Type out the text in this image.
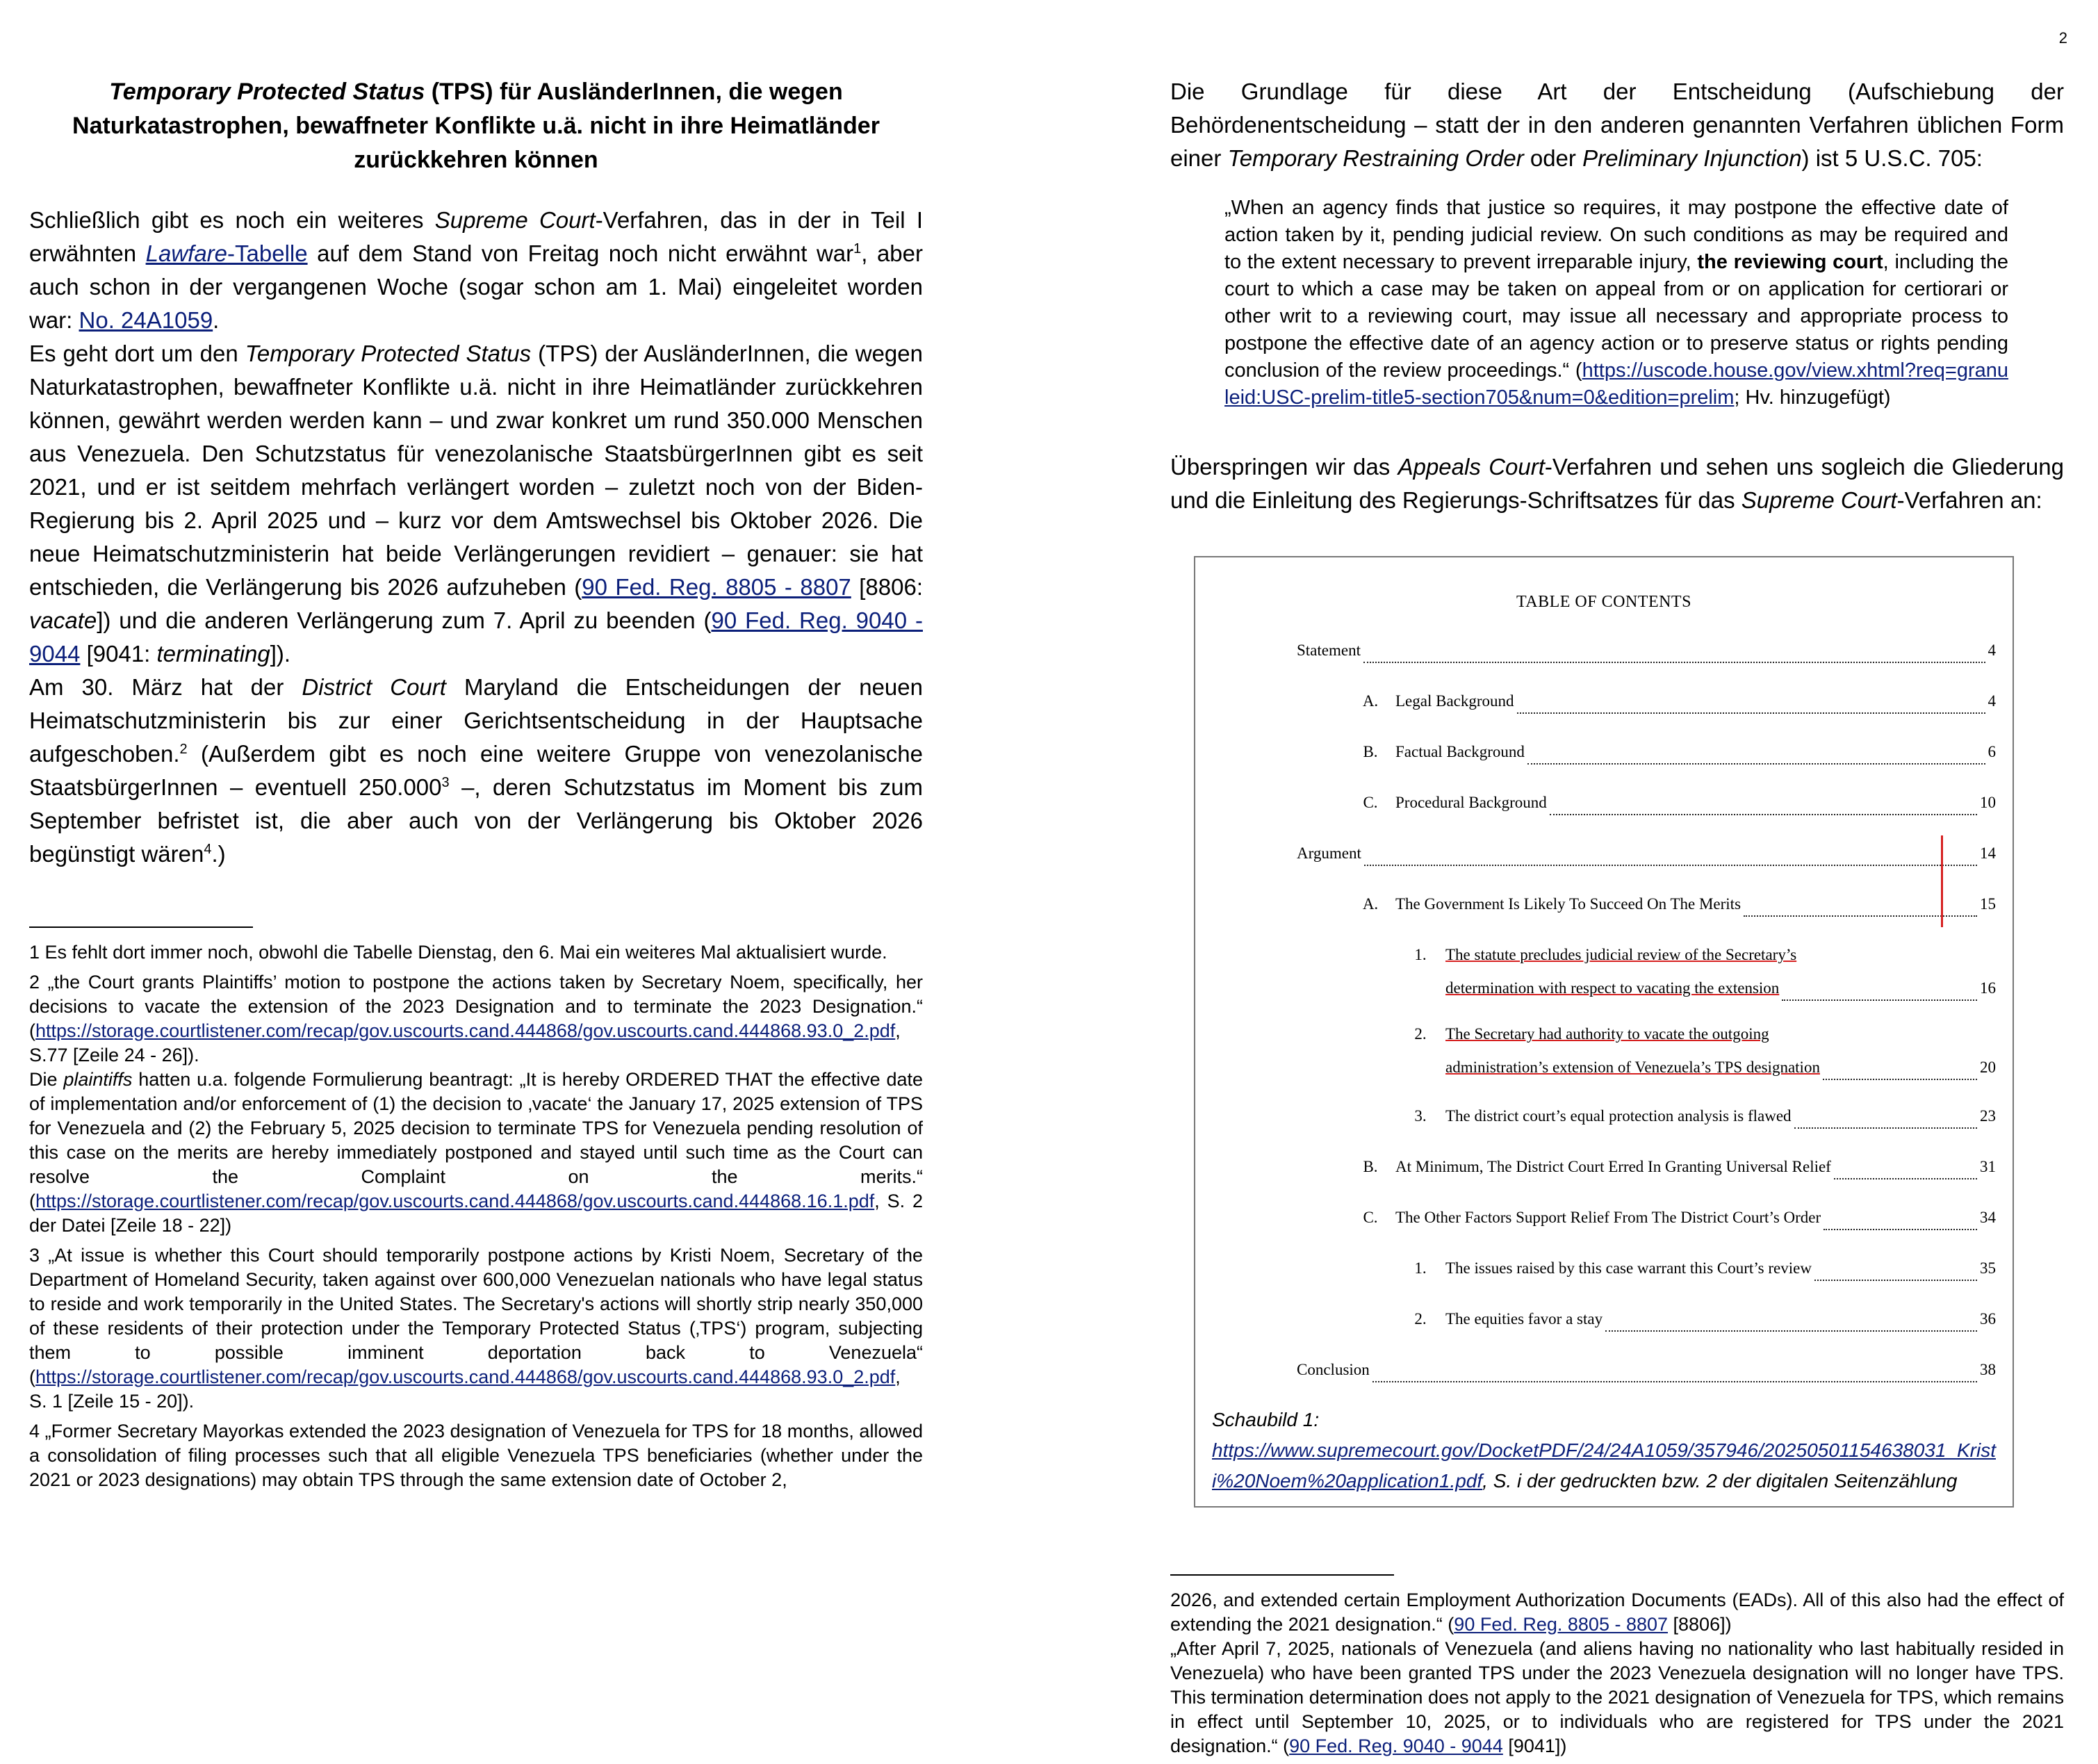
2
Temporary Protected Status (TPS) für AusländerInnen, die wegen Naturkatastrophen, bewaffneter Konflikte u.ä. nicht in ihre Heimatländer zurückkehren können

Schließlich gibt es noch ein weiteres Supreme Court-Verfahren, das in der in Teil I erwähnten Lawfare-Tabelle auf dem Stand von Freitag noch nicht erwähnt war$^1$, aber auch schon in der vergangenen Woche (sogar schon am 1. Mai) eingeleitet worden war: No. 24A1059.

Es geht dort um den Temporary Protected Status (TPS) der AusländerInnen, die wegen Naturkatastrophen, bewaffneter Konflikte u.ä. nicht in ihre Heimatländer zurückkehren können, gewährt werden werden kann – und zwar konkret um rund 350.000 Menschen aus Venezuela. Den Schutzstatus für venezolanische StaatsbürgerInnen gibt es seit 2021, und er ist seitdem mehrfach verlängert worden – zuletzt noch von der Biden-Regierung bis 2. April 2025 und – kurz vor dem Amtswechsel bis Oktober 2026. Die neue Heimatschutzministerin hat beide Verlängerungen revidiert – genauer: sie hat entschieden, die Verlängerung bis 2026 aufzuheben (90 Fed. Reg. 8805 - 8807 [8806: vacate]) und die anderen Verlängerung zum 7. April zu beenden (90 Fed. Reg. 9040 - 9044 [9041: terminating]).

Am 30. März hat der District Court Maryland die Entscheidungen der neuen Heimatschutzministerin bis zur einer Gerichtsentscheidung in der Hauptsache aufgeschoben.$^2$ (Außerdem gibt es noch eine weitere Gruppe von venezolanische StaatsbürgerInnen – eventuell 250.000$^3$ –, deren Schutzstatus im Moment bis zum September befristet ist, die aber auch von der Verlängerung bis Oktober 2026 begünstigt wären$^4$.)

1 Es fehlt dort immer noch, obwohl die Tabelle Dienstag, den 6. Mai ein weiteres Mal aktualisiert wurde.

2 „the Court grants Plaintiffs’ motion to postpone the actions taken by Secretary Noem, specifically, her decisions to vacate the extension of the 2023 Designation and to terminate the 2023 Designation.“ (https://storage.courtlistener.com/recap/gov.uscourts.cand.444868/gov.uscourts.cand.444868.93.0_2.pdf, S.77 [Zeile 24 - 26]).

Die plaintiffs hatten u.a. folgende Formulierung beantragt: „It is hereby ORDERED THAT the effective date of implementation and/or enforcement of (1) the decision to ‚vacate‘ the January 17, 2025 extension of TPS for Venezuela and (2) the February 5, 2025 decision to terminate TPS for Venezuela pending resolution of this case on the merits are hereby immediately postponed and stayed until such time as the Court can resolve the Complaint on the merits.“ (https://storage.courtlistener.com/recap/gov.uscourts.cand.444868/gov.uscourts.cand.444868.16.1.pdf, S. 2 der Datei [Zeile 18 - 22])

3 „At issue is whether this Court should temporarily postpone actions by Kristi Noem, Secretary of the Department of Homeland Security, taken against over 600,000 Venezuelan nationals who have legal status to reside and work temporarily in the United States. The Secretary's actions will shortly strip nearly 350,000 of these residents of their protection under the Temporary Protected Status (‚TPS‘) program, subjecting them to possible imminent deportation back to Venezuela“ (https://storage.courtlistener.com/recap/gov.uscourts.cand.444868/gov.uscourts.cand.444868.93.0_2.pdf, S. 1 [Zeile 15 - 20]).

4 „Former Secretary Mayorkas extended the 2023 designation of Venezuela for TPS for 18 months, allowed a consolidation of filing processes such that all eligible Venezuela TPS beneficiaries (whether under the 2021 or 2023 designations) may obtain TPS through the same extension date of October 2,

Die Grundlage für diese Art der Entscheidung (Aufschiebung der Behördenentscheidung – statt der in den anderen genannten Verfahren üblichen Form einer Temporary Restraining Order oder Preliminary Injunction) ist 5 U.S.C. 705:

„When an agency finds that justice so requires, it may postpone the effective date of action taken by it, pending judicial review. On such conditions as may be required and to the extent necessary to prevent irreparable injury, the reviewing court, including the court to which a case may be taken on appeal from or on application for certiorari or other writ to a reviewing court, may issue all necessary and appropriate process to postpone the effective date of an agency action or to preserve status or rights pending conclusion of the review proceedings.“ (https://uscode.house.gov/view.xhtml?req=granuleid:USC-prelim-title5-section705&num=0&edition=prelim; Hv. hinzugefügt)

Überspringen wir das Appeals Court-Verfahren und sehen uns sogleich die Gliederung und die Einleitung des Regierungs-Schriftsatzes für das Supreme Court-Verfahren an:

TABLE OF CONTENTS
Statement	4
A.	Legal Background	4
B.	Factual Background	6
C.	Procedural Background	10
Argument	14
A.	The Government Is Likely To Succeed On The Merits	15
1.	The statute precludes judicial review of the Secretary’s
determination with respect to vacating the extension	16
2.	The Secretary had authority to vacate the outgoing
administration’s extension of Venezuela’s TPS designation	20
3.	The district court’s equal protection analysis is flawed	23
B.	At Minimum, The District Court Erred In Granting Universal Relief	31
C.	The Other Factors Support Relief From The District Court’s Order	34
1.	The issues raised by this case warrant this Court’s review	35
2.	The equities favor a stay	36
Conclusion	38
Schaubild 1:
https://www.supremecourt.gov/DocketPDF/24/24A1059/357946/20250501154638031_Kristi%20Noem%20application1.pdf, S. i der gedruckten bzw. 2 der digitalen Seitenzählung

2026, and extended certain Employment Authorization Documents (EADs). All of this also had the effect of extending the 2021 designation.“ (90 Fed. Reg. 8805 - 8807 [8806])

„After April 7, 2025, nationals of Venezuela (and aliens having no nationality who last habitually resided in Venezuela) who have been granted TPS under the 2023 Venezuela designation will no longer have TPS. This termination determination does not apply to the 2021 designation of Venezuela for TPS, which remains in effect until September 10, 2025, or to individuals who are registered for TPS under the 2021 designation.“ (90 Fed. Reg. 9040 - 9044 [9041])
